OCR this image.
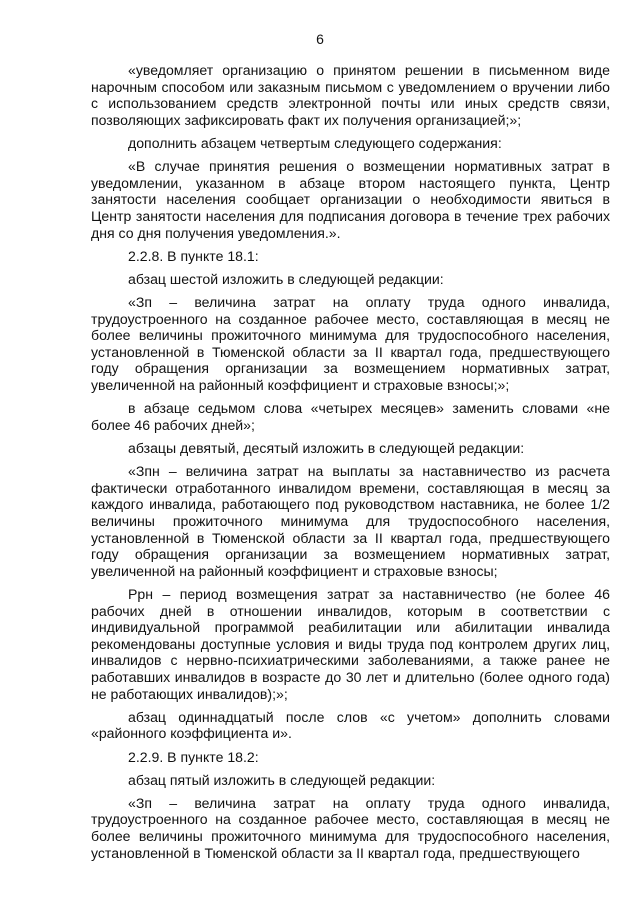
6

«уведомляет организацию о принятом решении в письменном виде нарочным способом или заказным письмом с уведомлением о вручении либо с использованием средств электронной почты или иных средств связи, позволяющих зафиксировать факт их получения организацией;»;

дополнить абзацем четвертым следующего содержания:

«В случае принятия решения о возмещении нормативных затрат в уведомлении, указанном в абзаце втором настоящего пункта, Центр занятости населения сообщает организации о необходимости явиться в Центр занятости населения для подписания договора в течение трех рабочих дня со дня получения уведомления.».

2.2.8. В пункте 18.1:

абзац шестой изложить в следующей редакции:

«Зп – величина затрат на оплату труда одного инвалида, трудоустроенного на созданное рабочее место, составляющая в месяц не более величины прожиточного минимума для трудоспособного населения, установленной в Тюменской области за II квартал года, предшествующего году обращения организации за возмещением нормативных затрат, увеличенной на районный коэффициент и страховые взносы;»;

в абзаце седьмом слова «четырех месяцев» заменить словами «не более 46 рабочих дней»;

абзацы девятый, десятый изложить в следующей редакции:

«Зпн – величина затрат на выплаты за наставничество из расчета фактически отработанного инвалидом времени, составляющая в месяц за каждого инвалида, работающего под руководством наставника, не более 1/2 величины прожиточного минимума для трудоспособного населения, установленной в Тюменской области за II квартал года, предшествующего году обращения организации за возмещением нормативных затрат, увеличенной на районный коэффициент и страховые взносы;

Ррн – период возмещения затрат за наставничество (не более 46 рабочих дней в отношении инвалидов, которым в соответствии с индивидуальной программой реабилитации или абилитации инвалида рекомендованы доступные условия и виды труда под контролем других лиц, инвалидов с нервно-психиатрическими заболеваниями, а также ранее не работавших инвалидов в возрасте до 30 лет и длительно (более одного года) не работающих инвалидов);»;

абзац одиннадцатый после слов «с учетом» дополнить словами «районного коэффициента и».

2.2.9. В пункте 18.2:

абзац пятый изложить в следующей редакции:

«Зп – величина затрат на оплату труда одного инвалида, трудоустроенного на созданное рабочее место, составляющая в месяц не более величины прожиточного минимума для трудоспособного населения, установленной в Тюменской области за II квартал года, предшествующего
